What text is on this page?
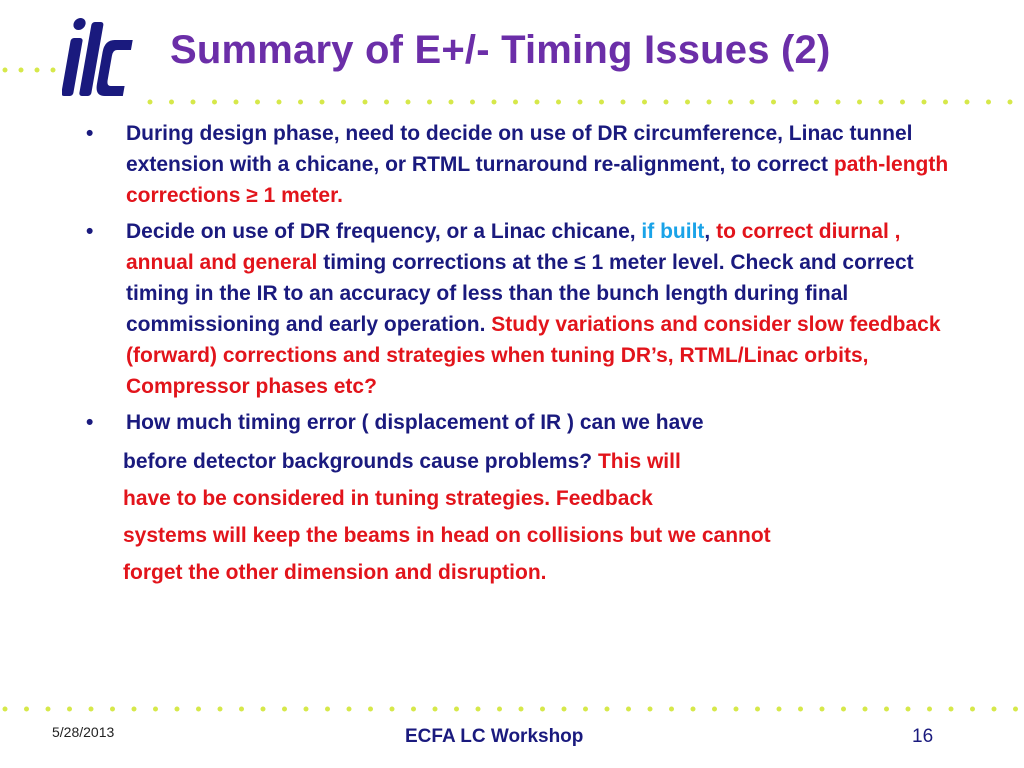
Summary of E+/- Timing Issues (2)
• During design phase, need to decide on use of DR circumference, Linac tunnel extension with a chicane, or RTML turnaround re-alignment, to correct path-length corrections ≥ 1 meter.
• Decide on use of DR frequency, or a Linac chicane, if built, to correct diurnal , annual and general timing corrections at the ≤ 1 meter level. Check and correct timing in the IR to an accuracy of less than the bunch length during final commissioning and early operation. Study variations and consider slow feedback (forward) corrections and strategies when tuning DR’s, RTML/Linac orbits, Compressor phases etc?
• How much timing error ( displacement of IR ) can we have
before detector backgrounds cause problems? This will
have to be considered in tuning strategies. Feedback
systems will keep the beams in head on collisions but we cannot
forget the other dimension and disruption.
5/28/2013	ECFA LC Workshop	16
